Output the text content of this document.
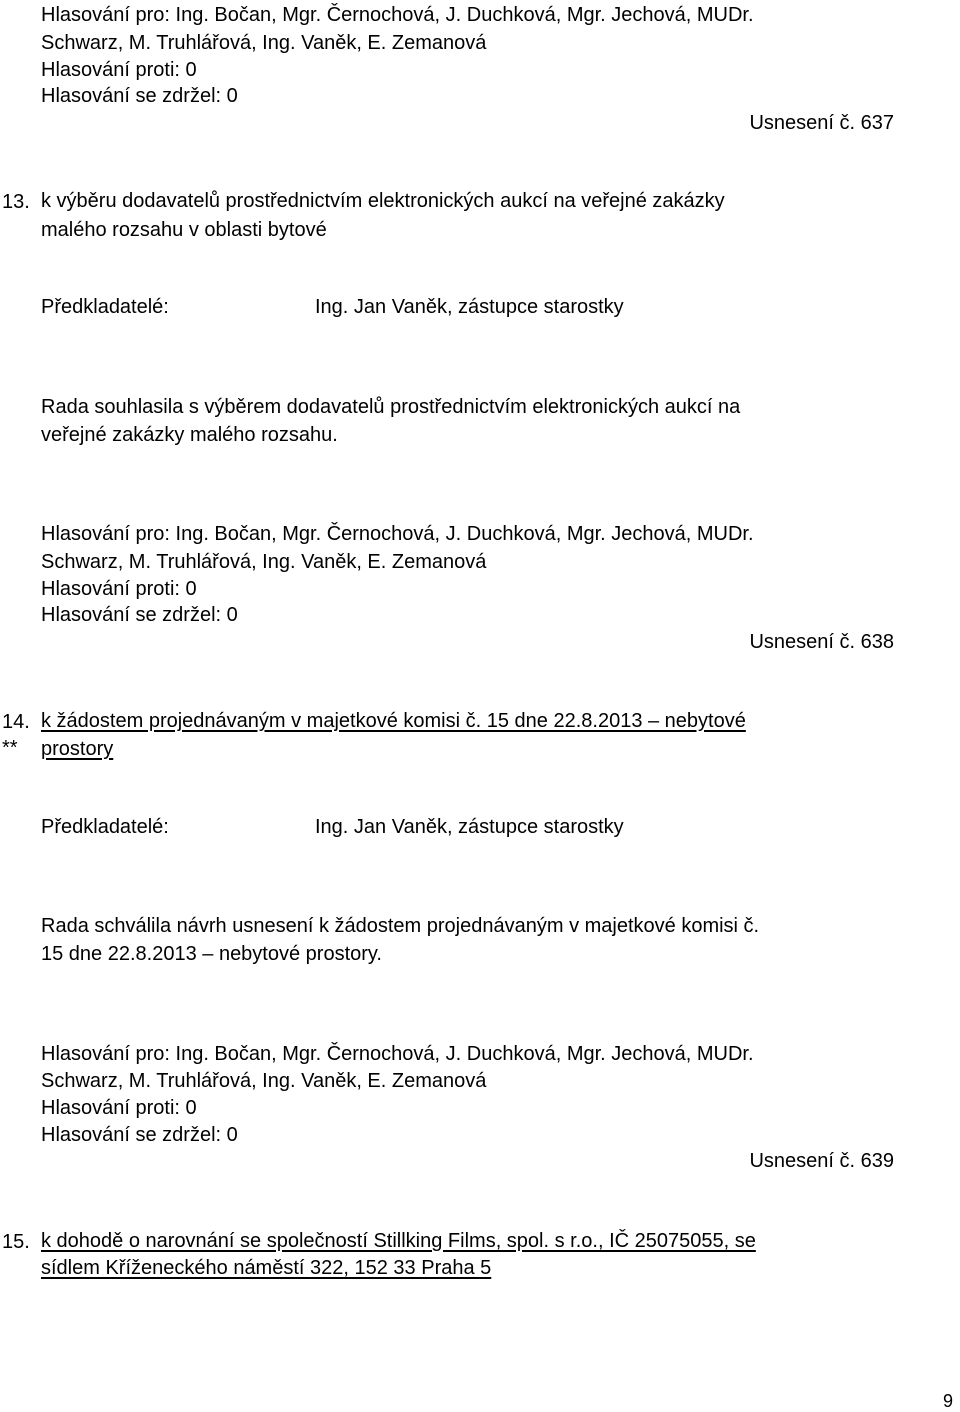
Hlasování pro: Ing. Bočan, Mgr. Černochová, J. Duchková, Mgr. Jechová, MUDr.
Schwarz, M. Truhlářová, Ing. Vaněk, E. Zemanová
Hlasování proti: 0
Hlasování se zdržel: 0
Usnesení č. 637
13. k výběru dodavatelů prostřednictvím elektronických aukcí na veřejné zakázky
malého rozsahu v oblasti bytové
Předkladatelé:	Ing. Jan Vaněk, zástupce starostky
Rada souhlasila s výběrem dodavatelů prostřednictvím elektronických aukcí na
veřejné zakázky malého rozsahu.
Hlasování pro: Ing. Bočan, Mgr. Černochová, J. Duchková, Mgr. Jechová, MUDr.
Schwarz, M. Truhlářová, Ing. Vaněk, E. Zemanová
Hlasování proti: 0
Hlasování se zdržel: 0
Usnesení č. 638
14.
**
k žádostem projednávaným v majetkové komisi č. 15 dne 22.8.2013 – nebytové
prostory
Předkladatelé:	Ing. Jan Vaněk, zástupce starostky
Rada schválila návrh usnesení k žádostem projednávaným v majetkové komisi č.
15 dne 22.8.2013 – nebytové prostory.
Hlasování pro: Ing. Bočan, Mgr. Černochová, J. Duchková, Mgr. Jechová, MUDr.
Schwarz, M. Truhlářová, Ing. Vaněk, E. Zemanová
Hlasování proti: 0
Hlasování se zdržel: 0
Usnesení č. 639
15. k dohodě o narovnání se společností Stillking Films, spol. s r.o., IČ 25075055, se
sídlem Kříženeckého náměstí 322, 152 33 Praha 5
9
